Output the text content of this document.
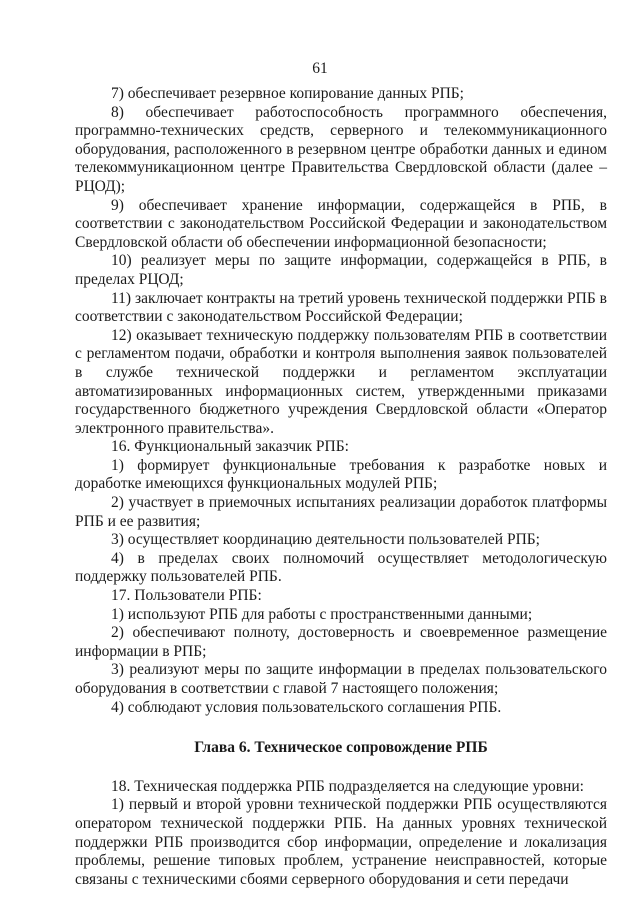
61

7) обеспечивает резервное копирование данных РПБ;

8) обеспечивает работоспособность программного обеспечения, программно-технических средств, серверного и телекоммуникационного оборудования, расположенного в резервном центре обработки данных и едином телекоммуникационном центре Правительства Свердловской области (далее – РЦОД);

9) обеспечивает хранение информации, содержащейся в РПБ, в соответствии с законодательством Российской Федерации и законодательством Свердловской области об обеспечении информационной безопасности;

10) реализует меры по защите информации, содержащейся в РПБ, в пределах РЦОД;

11) заключает контракты на третий уровень технической поддержки РПБ в соответствии с законодательством Российской Федерации;

12) оказывает техническую поддержку пользователям РПБ в соответствии с регламентом подачи, обработки и контроля выполнения заявок пользователей в службе технической поддержки и регламентом эксплуатации автоматизированных информационных систем, утвержденными приказами государственного бюджетного учреждения Свердловской области «Оператор электронного правительства».

16. Функциональный заказчик РПБ:

1) формирует функциональные требования к разработке новых и доработке имеющихся функциональных модулей РПБ;

2) участвует в приемочных испытаниях реализации доработок платформы РПБ и ее развития;

3) осуществляет координацию деятельности пользователей РПБ;

4) в пределах своих полномочий осуществляет методологическую поддержку пользователей РПБ.

17. Пользователи РПБ:

1) используют РПБ для работы с пространственными данными;

2) обеспечивают полноту, достоверность и своевременное размещение информации в РПБ;

3) реализуют меры по защите информации в пределах пользовательского оборудования в соответствии с главой 7 настоящего положения;

4) соблюдают условия пользовательского соглашения РПБ.

Глава 6. Техническое сопровождение РПБ

18. Техническая поддержка РПБ подразделяется на следующие уровни:

1) первый и второй уровни технической поддержки РПБ осуществляются оператором технической поддержки РПБ. На данных уровнях технической поддержки РПБ производится сбор информации, определение и локализация проблемы, решение типовых проблем, устранение неисправностей, которые связаны с техническими сбоями серверного оборудования и сети передачи
